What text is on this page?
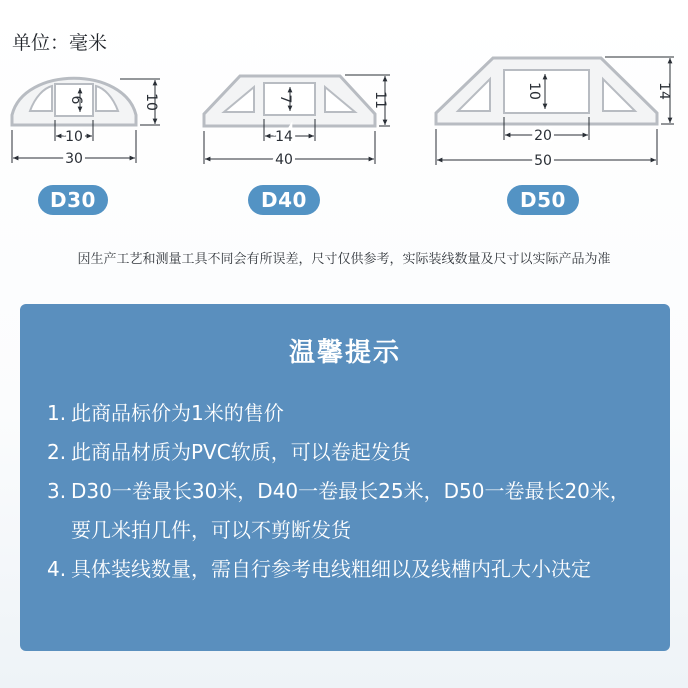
单位：毫米
6
10
30
10	7
14
40
11
10
20
50
14
D30	D40	D50
因生产工艺和测量工具不同会有所误差，尺寸仅供参考，实际装线数量及尺寸以实际产品为准
温馨提示
1. 此商品标价为1米的售价
2. 此商品材质为PVC软质，可以卷起发货
3. D30一卷最长30米，D40一卷最长25米，D50一卷最长20米，要几米拍几件，可以不剪断发货
4. 具体装线数量，需自行参考电线粗细以及线槽内孔大小决定
